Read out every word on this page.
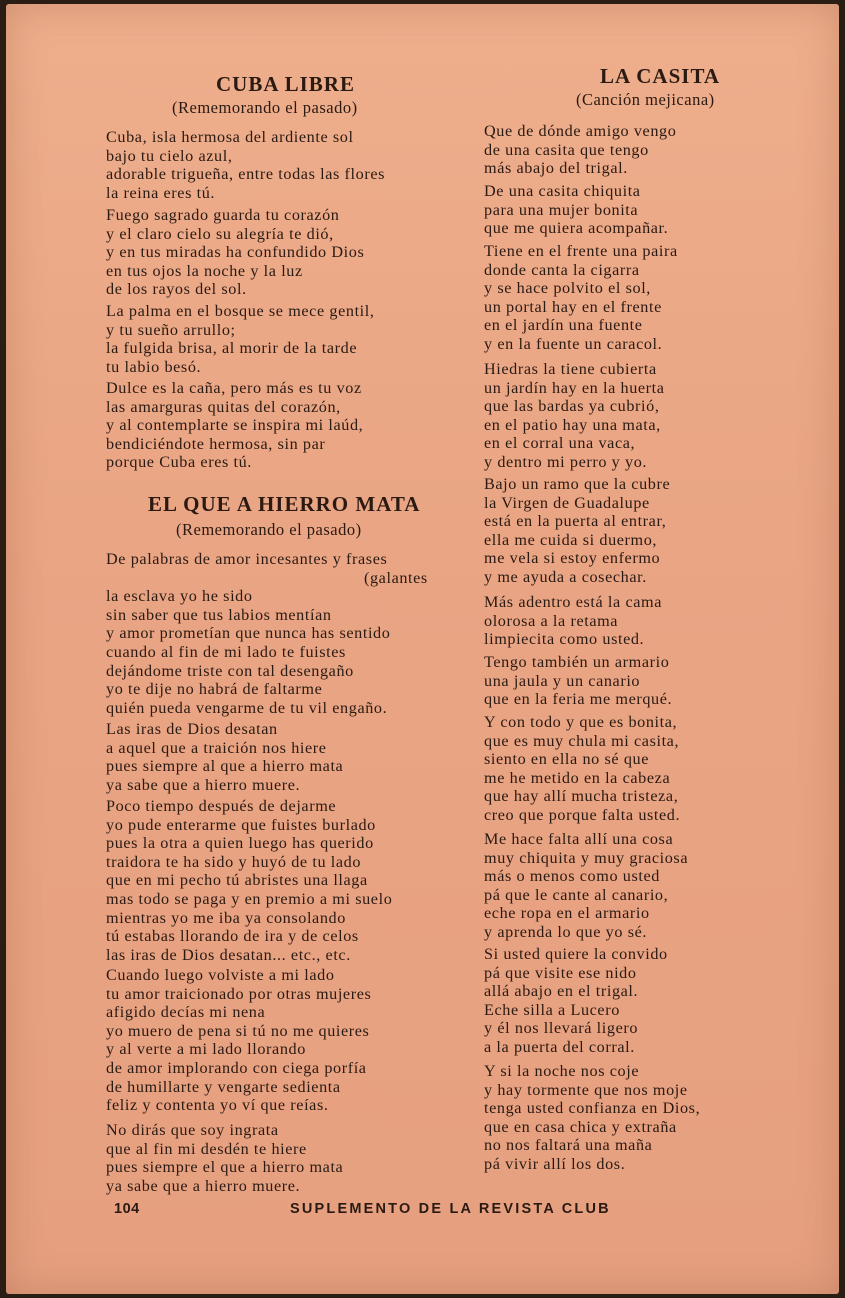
CUBA LIBRE
(Rememorando el pasado)
Cuba, isla hermosa del ardiente sol
bajo tu cielo azul,
adorable trigueña, entre todas las flores
la reina eres tú.
Fuego sagrado guarda tu corazón
y el claro cielo su alegría te dió,
y en tus miradas ha confundido Dios
en tus ojos la noche y la luz
de los rayos del sol.
La palma en el bosque se mece gentil,
y tu sueño arrullo;
la fulgida brisa, al morir de la tarde
tu labio besó.
Dulce es la caña, pero más es tu voz
las amarguras quitas del corazón,
y al contemplarte se inspira mi laúd,
bendiciéndote hermosa, sin par
porque Cuba eres tú.
EL QUE A HIERRO MATA
(Rememorando el pasado)
De palabras de amor incesantes y frases
(galantes
la esclava yo he sido
sin saber que tus labios mentían
y amor prometían que nunca has sentido
cuando al fin de mi lado te fuistes
dejándome triste con tal desengaño
yo te dije no habrá de faltarme
quién pueda vengarme de tu vil engaño.
Las iras de Dios desatan
a aquel que a traición nos hiere
pues siempre al que a hierro mata
ya sabe que a hierro muere.
Poco tiempo después de dejarme
yo pude enterarme que fuistes burlado
pues la otra a quien luego has querido
traidora te ha sido y huyó de tu lado
que en mi pecho tú abristes una llaga
mas todo se paga y en premio a mi suelo
mientras yo me iba ya consolando
tú estabas llorando de ira y de celos
las iras de Dios desatan... etc., etc.
Cuando luego volviste a mi lado
tu amor traicionado por otras mujeres
afigido decías mi nena
yo muero de pena si tú no me quieres
y al verte a mi lado llorando
de amor implorando con ciega porfía
de humillarte y vengarte sedienta
feliz y contenta yo ví que reías.
No dirás que soy ingrata
que al fin mi desdén te hiere
pues siempre el que a hierro mata
ya sabe que a hierro muere.
LA CASITA
(Canción mejicana)
Que de dónde amigo vengo
de una casita que tengo
más abajo del trigal.
De una casita chiquita
para una mujer bonita
que me quiera acompañar.
Tiene en el frente una paira
donde canta la cigarra
y se hace polvito el sol,
un portal hay en el frente
en el jardín una fuente
y en la fuente un caracol.
Hiedras la tiene cubierta
un jardín hay en la huerta
que las bardas ya cubrió,
en el patio hay una mata,
en el corral una vaca,
y dentro mi perro y yo.
Bajo un ramo que la cubre
la Virgen de Guadalupe
está en la puerta al entrar,
ella me cuida si duermo,
me vela si estoy enfermo
y me ayuda a cosechar.
Más adentro está la cama
olorosa a la retama
limpiecita como usted.
Tengo también un armario
una jaula y un canario
que en la feria me merqué.
Y con todo y que es bonita,
que es muy chula mi casita,
siento en ella no sé que
me he metido en la cabeza
que hay allí mucha tristeza,
creo que porque falta usted.
Me hace falta allí una cosa
muy chiquita y muy graciosa
más o menos como usted
pá que le cante al canario,
eche ropa en el armario
y aprenda lo que yo sé.
Si usted quiere la convido
pá que visite ese nido
allá abajo en el trigal.
Eche silla a Lucero
y él nos llevará ligero
a la puerta del corral.
Y si la noche nos coje
y hay tormente que nos moje
tenga usted confianza en Dios,
que en casa chica y extraña
no nos faltará una maña
pá vivir allí los dos.
104	SUPLEMENTO DE LA REVISTA CLUB
